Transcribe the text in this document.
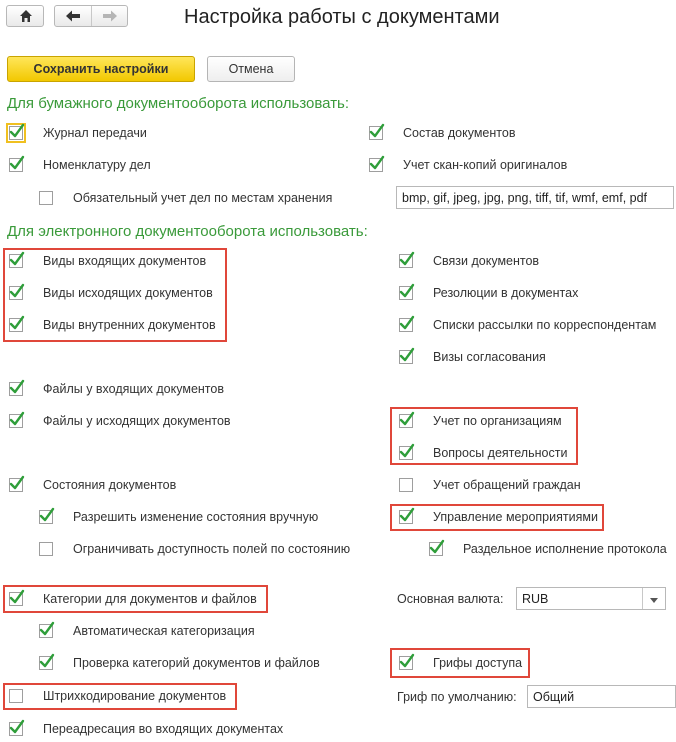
Настройка работы с документами
Сохранить настройки	Отмена
Для бумажного документооборота использовать:
Журнал передачи
Номенклатуру дел
Обязательный учет дел по местам хранения
Состав документов
Учет скан-копий оригиналов
bmp, gif, jpeg, jpg, png, tiff, tif, wmf, emf, pdf
Для электронного документооборота использовать:
Виды входящих документов
Виды исходящих документов
Виды внутренних документов
Файлы у входящих документов
Файлы у исходящих документов
Состояния документов
Разрешить изменение состояния вручную
Ограничивать доступность полей по состоянию
Категории для документов и файлов
Автоматическая категоризация
Проверка категорий документов и файлов
Штрихкодирование документов
Переадресация во входящих документах
Связи документов
Резолюции в документах
Списки рассылки по корреспондентам
Визы согласования
Учет по организациям
Вопросы деятельности
Учет обращений граждан
Управление мероприятиями
Раздельное исполнение протокола
Грифы доступа
Основная валюта: RUB
Гриф по умолчанию:	Общий
